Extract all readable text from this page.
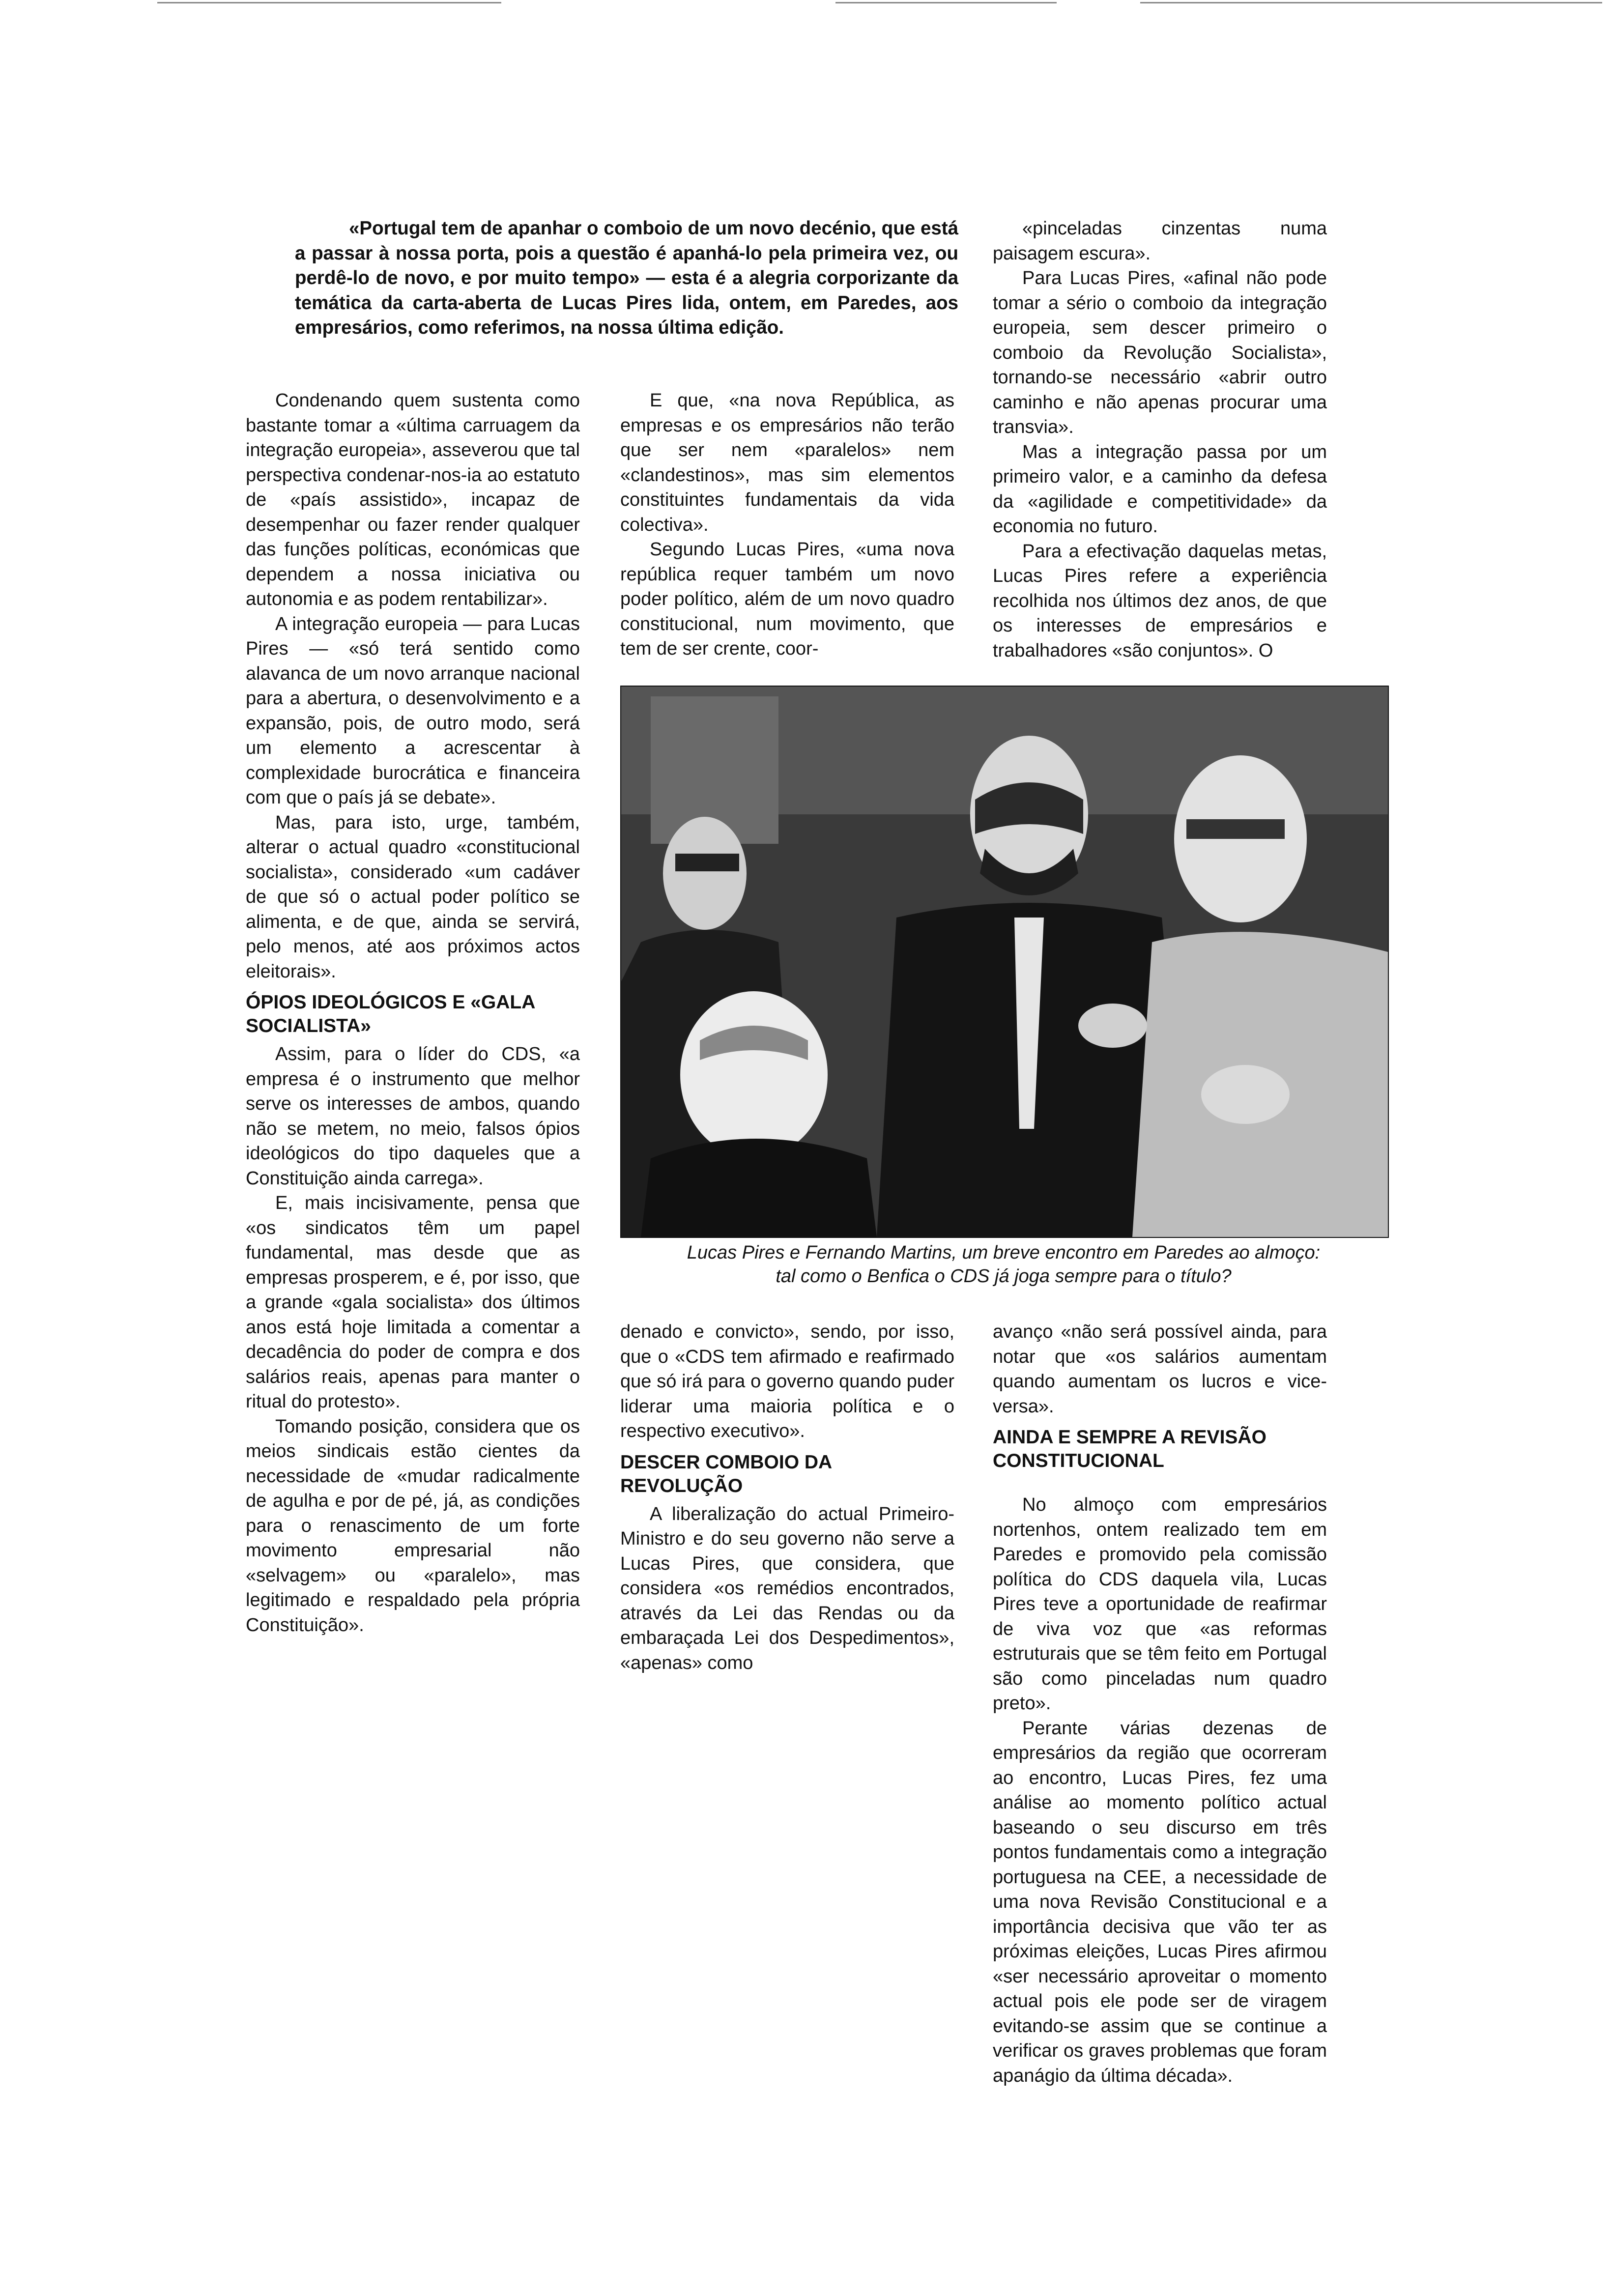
«Portugal tem de apanhar o comboio de um novo decénio, que está a passar à nossa porta, pois a questão é apanhá-lo pela primeira vez, ou perdê-lo de novo, e por muito tempo» — esta é a alegria corporizante da temática da carta-aberta de Lucas Pires lida, ontem, em Paredes, aos empresários, como referimos, na nossa última edição.

Condenando quem sustenta como bastante tomar a «última carruagem da integração europeia», asseverou que tal perspectiva condenar-nos-ia ao estatuto de «país assistido», incapaz de desempenhar ou fazer render qualquer das funções políticas, económicas que dependem a nossa iniciativa ou autonomia e as podem rentabilizar».

A integração europeia — para Lucas Pires — «só terá sentido como alavanca de um novo arranque nacional para a abertura, o desenvolvimento e a expansão, pois, de outro modo, será um elemento a acrescentar à complexidade burocrática e financeira com que o país já se debate».

Mas, para isto, urge, também, alterar o actual quadro «constitucional socialista», considerado «um cadáver de que só o actual poder político se alimenta, e de que, ainda se servirá, pelo menos, até aos próximos actos eleitorais».

ÓPIOS IDEOLÓGICOS E «GALA SOCIALISTA»

Assim, para o líder do CDS, «a empresa é o instrumento que melhor serve os interesses de ambos, quando não se metem, no meio, falsos ópios ideológicos do tipo daqueles que a Constituição ainda carrega».

E, mais incisivamente, pensa que «os sindicatos têm um papel fundamental, mas desde que as empresas prosperem, e é, por isso, que a grande «gala socialista» dos últimos anos está hoje limitada a comentar a decadência do poder de compra e dos salários reais, apenas para manter o ritual do protesto».

Tomando posição, considera que os meios sindicais estão cientes da necessidade de «mudar radicalmente de agulha e por de pé, já, as condições para o renascimento de um forte movimento empresarial não «selvagem» ou «paralelo», mas legitimado e respaldado pela própria Constituição».

E que, «na nova República, as empresas e os empresários não terão que ser nem «paralelos» nem «clandestinos», mas sim elementos constituintes fundamentais da vida colectiva».

Segundo Lucas Pires, «uma nova república requer também um novo poder político, além de um novo quadro constitucional, num movimento, que tem de ser crente, coor-

«pinceladas cinzentas numa paisagem escura».

Para Lucas Pires, «afinal não pode tomar a sério o comboio da integração europeia, sem descer primeiro o comboio da Revolução Socialista», tornando-se necessário «abrir outro caminho e não apenas procurar uma transvia».

Mas a integração passa por um primeiro valor, e a caminho da defesa da «agilidade e competitividade» da economia no futuro.

Para a efectivação daquelas metas, Lucas Pires refere a experiência recolhida nos últimos dez anos, de que os interesses de empresários e trabalhadores «são conjuntos». O

Lucas Pires e Fernando Martins, um breve encontro em Paredes ao almoço:
tal como o Benfica o CDS já joga sempre para o título?

denado e convicto», sendo, por isso, que o «CDS tem afirmado e reafirmado que só irá para o governo quando puder liderar uma maioria política e o respectivo executivo».

DESCER COMBOIO DA REVOLUÇÃO

A liberalização do actual Primeiro-Ministro e do seu governo não serve a Lucas Pires, que considera, que considera «os remédios encontrados, através da Lei das Rendas ou da embaraçada Lei dos Despedimentos», «apenas» como

avanço «não será possível ainda, para notar que «os salários aumentam quando aumentam os lucros e vice-versa».

AINDA E SEMPRE A REVISÃO CONSTITUCIONAL

No almoço com empresários nortenhos, ontem realizado tem em Paredes e promovido pela comissão política do CDS daquela vila, Lucas Pires teve a oportunidade de reafirmar de viva voz que «as reformas estruturais que se têm feito em Portugal são como pinceladas num quadro preto».

Perante várias dezenas de empresários da região que ocorreram ao encontro, Lucas Pires, fez uma análise ao momento político actual baseando o seu discurso em três pontos fundamentais como a integração portuguesa na CEE, a necessidade de uma nova Revisão Constitucional e a importância decisiva que vão ter as próximas eleições, Lucas Pires afirmou «ser necessário aproveitar o momento actual pois ele pode ser de viragem evitando-se assim que se continue a verificar os graves problemas que foram apanágio da última década».
